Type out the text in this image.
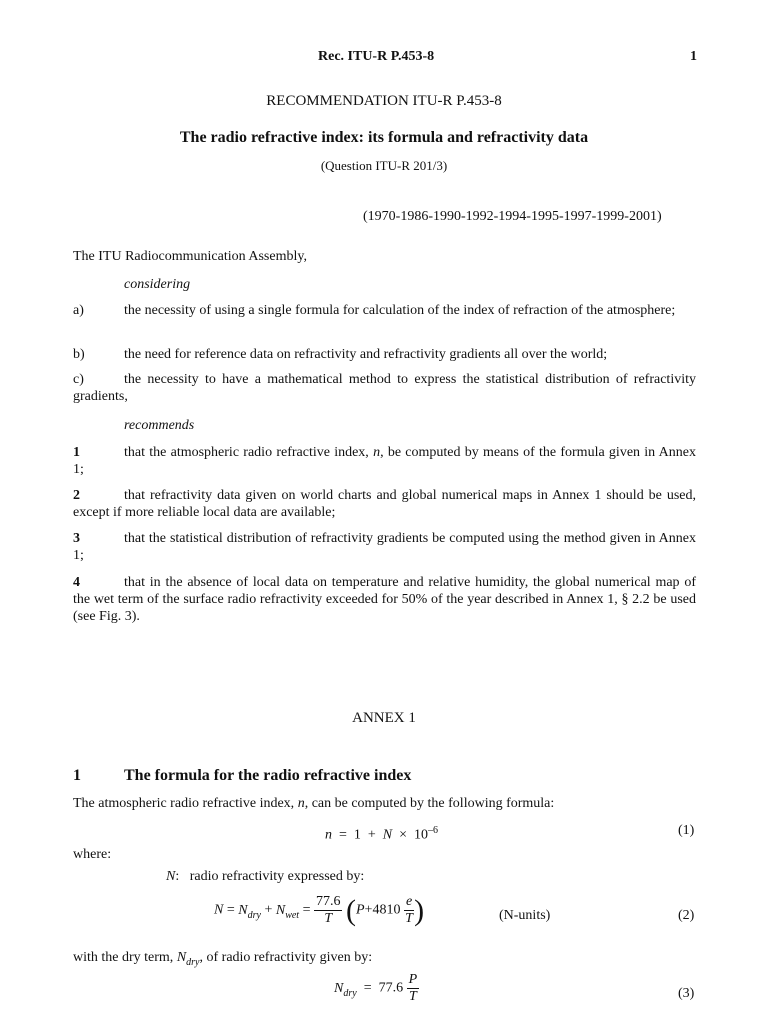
Rec. ITU-R P.453-8	1
RECOMMENDATION ITU-R P.453-8
The radio refractive index: its formula and refractivity data
(Question ITU-R 201/3)
(1970-1986-1990-1992-1994-1995-1997-1999-2001)
The ITU Radiocommunication Assembly,
considering
a)	the necessity of using a single formula for calculation of the index of refraction of the atmosphere;
b)	the need for reference data on refractivity and refractivity gradients all over the world;
c)	the necessity to have a mathematical method to express the statistical distribution of refractivity gradients,
recommends
1	that the atmospheric radio refractive index, n, be computed by means of the formula given in Annex 1;
2	that refractivity data given on world charts and global numerical maps in Annex 1 should be used, except if more reliable local data are available;
3	that the statistical distribution of refractivity gradients be computed using the method given in Annex 1;
4	that in the absence of local data on temperature and relative humidity, the global numerical map of the wet term of the surface radio refractivity exceeded for 50% of the year described in Annex 1, § 2.2 be used (see Fig. 3).
ANNEX 1
1	The formula for the radio refractive index
The atmospheric radio refractive index, n, can be computed by the following formula:
$n = 1 + N \times 10^{-6}$	(1)
where:
N:   radio refractivity expressed by:
$N = N_{dry} + N_{wet} = \frac{77.6}{T} (P+4810 \frac{e}{T}$ )	(N-units)	(2)
with the dry term, $N_{dry}$, of radio refractivity given by:
$N_{dry} = 77.6 \frac{P}{T}$	(3)
